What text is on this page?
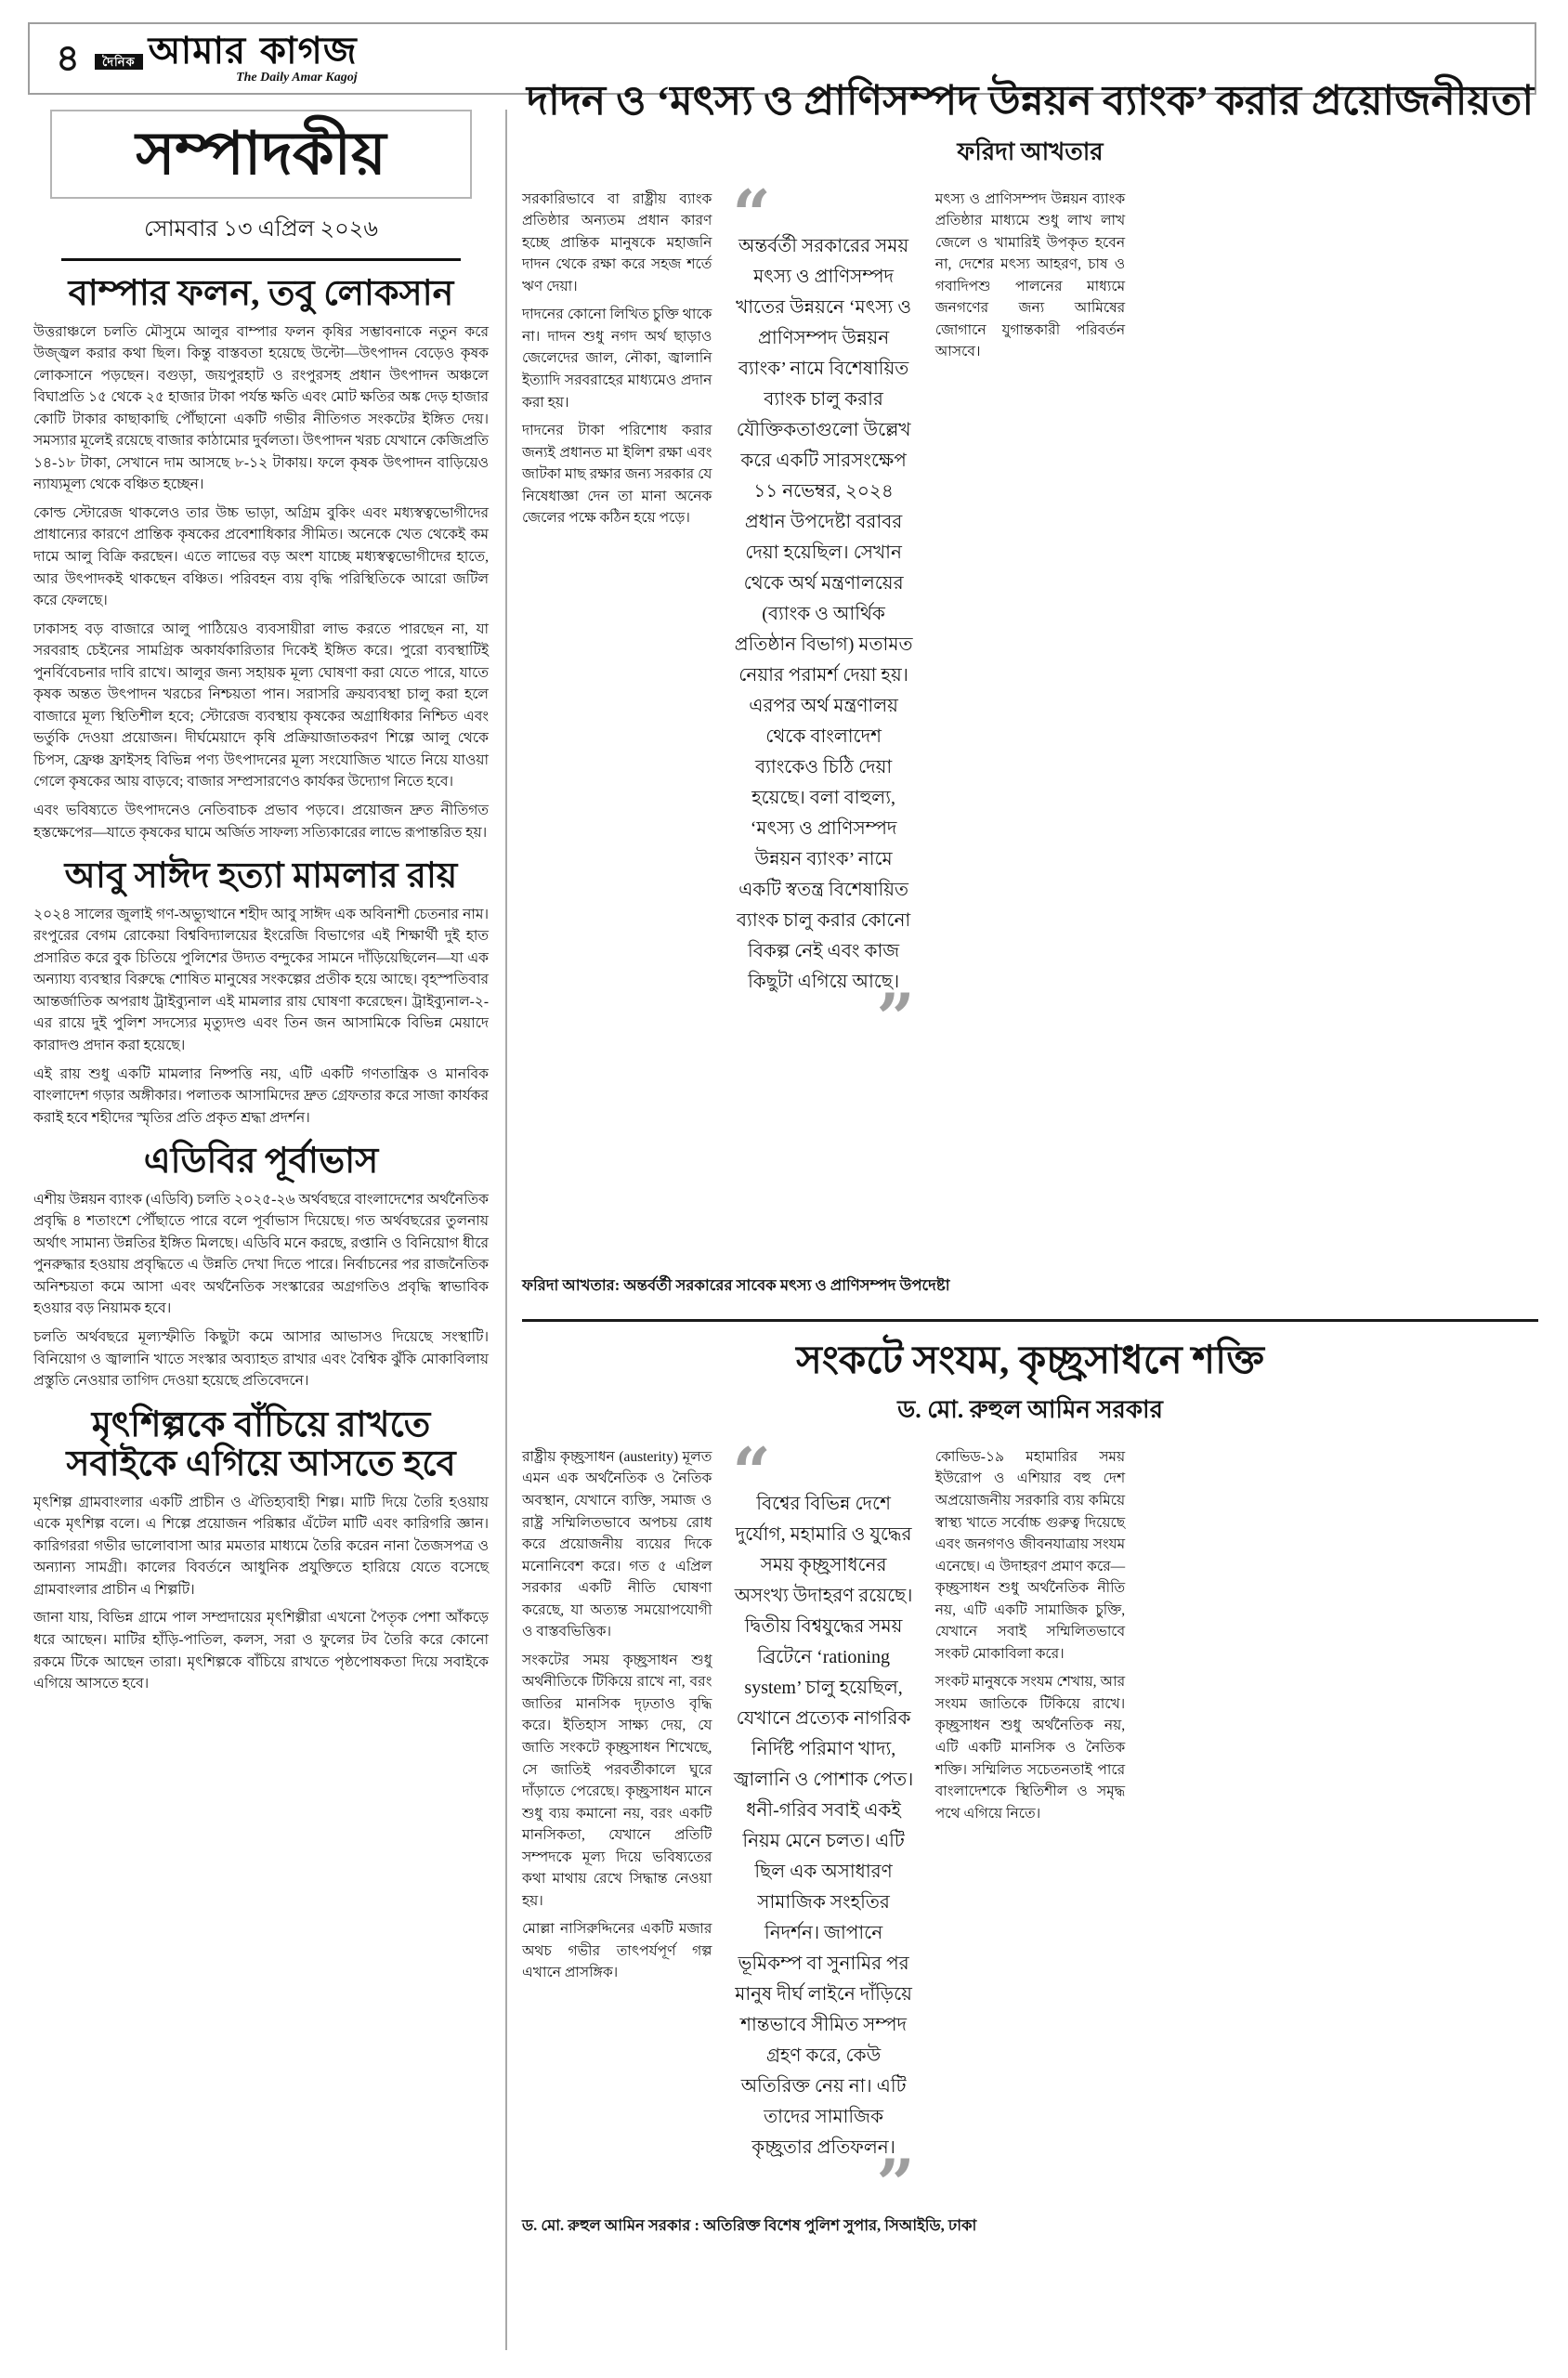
৪	দৈনিক আমার কাগজ
The Daily Amar Kagoj
সম্পাদকীয়
সোমবার ১৩ এপ্রিল ২০২৬
বাম্পার ফলন, তবু লোকসান

উত্তরাঞ্চলে চলতি মৌসুমে আলুর বাম্পার ফলন কৃষির সম্ভাবনাকে নতুন করে উজ্জ্বল করার কথা ছিল। কিন্তু বাস্তবতা হয়েছে উল্টো—উৎপাদন বেড়েও কৃষক লোকসানে পড়ছেন। বগুড়া, জয়পুরহাট ও রংপুরসহ প্রধান উৎপাদন অঞ্চলে বিঘাপ্রতি ১৫ থেকে ২৫ হাজার টাকা পর্যন্ত ক্ষতি এবং মোট ক্ষতির অঙ্ক দেড় হাজার কোটি টাকার কাছাকাছি পৌঁছানো একটি গভীর নীতিগত সংকটের ইঙ্গিত দেয়। সমস্যার মূলেই রয়েছে বাজার কাঠামোর দুর্বলতা। উৎপাদন খরচ যেখানে কেজিপ্রতি ১৪-১৮ টাকা, সেখানে দাম আসছে ৮-১২ টাকায়। ফলে কৃষক উৎপাদন বাড়িয়েও ন্যায্যমূল্য থেকে বঞ্চিত হচ্ছেন।

কোল্ড স্টোরেজ থাকলেও তার উচ্চ ভাড়া, অগ্রিম বুকিং এবং মধ্যস্বত্বভোগীদের প্রাধান্যের কারণে প্রান্তিক কৃষকের প্রবেশাধিকার সীমিত। অনেকে খেত থেকেই কম দামে আলু বিক্রি করছেন। এতে লাভের বড় অংশ যাচ্ছে মধ্যস্বত্বভোগীদের হাতে, আর উৎপাদকই থাকছেন বঞ্চিত। পরিবহন ব্যয় বৃদ্ধি পরিস্থিতিকে আরো জটিল করে ফেলছে।

ঢাকাসহ বড় বাজারে আলু পাঠিয়েও ব্যবসায়ীরা লাভ করতে পারছেন না, যা সরবরাহ চেইনের সামগ্রিক অকার্যকারিতার দিকেই ইঙ্গিত করে। পুরো ব্যবস্থাটিই পুনর্বিবেচনার দাবি রাখে। আলুর জন্য সহায়ক মূল্য ঘোষণা করা যেতে পারে, যাতে কৃষক অন্তত উৎপাদন খরচের নিশ্চয়তা পান। সরাসরি ক্রয়ব্যবস্থা চালু করা হলে বাজারে মূল্য স্থিতিশীল হবে; স্টোরেজ ব্যবস্থায় কৃষকের অগ্রাধিকার নিশ্চিত এবং ভর্তুকি দেওয়া প্রয়োজন। দীর্ঘমেয়াদে কৃষি প্রক্রিয়াজাতকরণ শিল্পে আলু থেকে চিপস, ফ্রেঞ্চ ফ্রাইসহ বিভিন্ন পণ্য উৎপাদনের মূল্য সংযোজিত খাতে নিয়ে যাওয়া গেলে কৃষকের আয় বাড়বে; বাজার সম্প্রসারণেও কার্যকর উদ্যোগ নিতে হবে।

এবং ভবিষ্যতে উৎপাদনেও নেতিবাচক প্রভাব পড়বে। প্রয়োজন দ্রুত নীতিগত হস্তক্ষেপের—যাতে কৃষকের ঘামে অর্জিত সাফল্য সত্যিকারের লাভে রূপান্তরিত হয়।

আবু সাঈদ হত্যা মামলার রায়

২০২৪ সালের জুলাই গণ-অভ্যুত্থানে শহীদ আবু সাঈদ এক অবিনাশী চেতনার নাম। রংপুরের বেগম রোকেয়া বিশ্ববিদ্যালয়ের ইংরেজি বিভাগের এই শিক্ষার্থী দুই হাত প্রসারিত করে বুক চিতিয়ে পুলিশের উদ্যত বন্দুকের সামনে দাঁড়িয়েছিলেন—যা এক অন্যায্য ব্যবস্থার বিরুদ্ধে শোষিত মানুষের সংকল্পের প্রতীক হয়ে আছে। বৃহস্পতিবার আন্তর্জাতিক অপরাধ ট্রাইব্যুনাল এই মামলার রায় ঘোষণা করেছেন। ট্রাইব্যুনাল-২-এর রায়ে দুই পুলিশ সদস্যের মৃত্যুদণ্ড এবং তিন জন আসামিকে বিভিন্ন মেয়াদে কারাদণ্ড প্রদান করা হয়েছে।

এই রায় শুধু একটি মামলার নিষ্পত্তি নয়, এটি একটি গণতান্ত্রিক ও মানবিক বাংলাদেশ গড়ার অঙ্গীকার। পলাতক আসামিদের দ্রুত গ্রেফতার করে সাজা কার্যকর করাই হবে শহীদের স্মৃতির প্রতি প্রকৃত শ্রদ্ধা প্রদর্শন।

এডিবির পূর্বাভাস

এশীয় উন্নয়ন ব্যাংক (এডিবি) চলতি ২০২৫-২৬ অর্থবছরে বাংলাদেশের অর্থনৈতিক প্রবৃদ্ধি ৪ শতাংশে পৌঁছাতে পারে বলে পূর্বাভাস দিয়েছে। গত অর্থবছরের তুলনায় অর্থাৎ সামান্য উন্নতির ইঙ্গিত মিলছে। এডিবি মনে করছে, রপ্তানি ও বিনিয়োগ ধীরে পুনরুদ্ধার হওয়ায় প্রবৃদ্ধিতে এ উন্নতি দেখা দিতে পারে। নির্বাচনের পর রাজনৈতিক অনিশ্চয়তা কমে আসা এবং অর্থনৈতিক সংস্কারের অগ্রগতিও প্রবৃদ্ধি স্বাভাবিক হওয়ার বড় নিয়ামক হবে।

চলতি অর্থবছরে মূল্যস্ফীতি কিছুটা কমে আসার আভাসও দিয়েছে সংস্থাটি। বিনিয়োগ ও জ্বালানি খাতে সংস্কার অব্যাহত রাখার এবং বৈশ্বিক ঝুঁকি মোকাবিলায় প্রস্তুতি নেওয়ার তাগিদ দেওয়া হয়েছে প্রতিবেদনে।

মৃৎশিল্পকে বাঁচিয়ে রাখতে সবাইকে এগিয়ে আসতে হবে

মৃৎশিল্প গ্রামবাংলার একটি প্রাচীন ও ঐতিহ্যবাহী শিল্প। মাটি দিয়ে তৈরি হওয়ায় একে মৃৎশিল্প বলে। এ শিল্পে প্রয়োজন পরিষ্কার এঁটেল মাটি এবং কারিগরি জ্ঞান। কারিগররা গভীর ভালোবাসা আর মমতার মাধ্যমে তৈরি করেন নানা তৈজসপত্র ও অন্যান্য সামগ্রী। কালের বিবর্তনে আধুনিক প্রযুক্তিতে হারিয়ে যেতে বসেছে গ্রামবাংলার প্রাচীন এ শিল্পটি।

জানা যায়, বিভিন্ন গ্রামে পাল সম্প্রদায়ের মৃৎশিল্পীরা এখনো পৈতৃক পেশা আঁকড়ে ধরে আছেন। মাটির হাঁড়ি-পাতিল, কলস, সরা ও ফুলের টব তৈরি করে কোনো রকমে টিকে আছেন তারা। মৃৎশিল্পকে বাঁচিয়ে রাখতে পৃষ্ঠপোষকতা দিয়ে সবাইকে এগিয়ে আসতে হবে।

দাদন ও ‘মৎস্য ও প্রাণিসম্পদ উন্নয়ন ব্যাংক’ করার প্রয়োজনীয়তা
ফরিদা আখতার

সরকারিভাবে বা রাষ্ট্রীয় ব্যাংক প্রতিষ্ঠার অন্যতম প্রধান কারণ হচ্ছে প্রান্তিক মানুষকে মহাজনি দাদন থেকে রক্ষা করে সহজ শর্তে ঋণ দেয়া।

দাদনের কোনো লিখিত চুক্তি থাকে না। দাদন শুধু নগদ অর্থ ছাড়াও জেলেদের জাল, নৌকা, জ্বালানি ইত্যাদি সরবরাহের মাধ্যমেও প্রদান করা হয়।

দাদনের টাকা পরিশোধ করার জন্যই প্রধানত মা ইলিশ রক্ষা এবং জাটকা মাছ রক্ষার জন্য সরকার যে নিষেধাজ্ঞা দেন তা মানা অনেক জেলের পক্ষে কঠিন হয়ে পড়ে।

“
অন্তর্বর্তী সরকারের সময় মৎস্য ও প্রাণিসম্পদ খাতের উন্নয়নে ‘মৎস্য ও প্রাণিসম্পদ উন্নয়ন ব্যাংক’ নামে বিশেষায়িত ব্যাংক চালু করার যৌক্তিকতাগুলো উল্লেখ করে একটি সারসংক্ষেপ ১১ নভেম্বর, ২০২৪ প্রধান উপদেষ্টা বরাবর দেয়া হয়েছিল। সেখান থেকে অর্থ মন্ত্রণালয়ের (ব্যাংক ও আর্থিক প্রতিষ্ঠান বিভাগ) মতামত নেয়ার পরামর্শ দেয়া হয়। এরপর অর্থ মন্ত্রণালয় থেকে বাংলাদেশ ব্যাংকেও চিঠি দেয়া হয়েছে। বলা বাহুল্য, ‘মৎস্য ও প্রাণিসম্পদ উন্নয়ন ব্যাংক’ নামে একটি স্বতন্ত্র বিশেষায়িত ব্যাংক চালু করার কোনো বিকল্প নেই এবং কাজ কিছুটা এগিয়ে আছে।
”

মৎস্য ও প্রাণিসম্পদ উন্নয়ন ব্যাংক প্রতিষ্ঠার মাধ্যমে শুধু লাখ লাখ জেলে ও খামারিই উপকৃত হবেন না, দেশের মৎস্য আহরণ, চাষ ও গবাদিপশু পালনের মাধ্যমে জনগণের জন্য আমিষের জোগানে যুগান্তকারী পরিবর্তন আসবে।

ফরিদা আখতার: অন্তর্বর্তী সরকারের সাবেক মৎস্য ও প্রাণিসম্পদ উপদেষ্টা
সংকটে সংযম, কৃচ্ছ্রসাধনে শক্তি
ড. মো. রুহুল আমিন সরকার

রাষ্ট্রীয় কৃচ্ছ্রসাধন (austerity) মূলত এমন এক অর্থনৈতিক ও নৈতিক অবস্থান, যেখানে ব্যক্তি, সমাজ ও রাষ্ট্র সম্মিলিতভাবে অপচয় রোধ করে প্রয়োজনীয় ব্যয়ের দিকে মনোনিবেশ করে। গত ৫ এপ্রিল সরকার একটি নীতি ঘোষণা করেছে, যা অত্যন্ত সময়োপযোগী ও বাস্তবভিত্তিক।

সংকটের সময় কৃচ্ছ্রসাধন শুধু অর্থনীতিকে টিকিয়ে রাখে না, বরং জাতির মানসিক দৃঢ়তাও বৃদ্ধি করে। ইতিহাস সাক্ষ্য দেয়, যে জাতি সংকটে কৃচ্ছ্রসাধন শিখেছে, সে জাতিই পরবর্তীকালে ঘুরে দাঁড়াতে পেরেছে। কৃচ্ছ্রসাধন মানে শুধু ব্যয় কমানো নয়, বরং একটি মানসিকতা, যেখানে প্রতিটি সম্পদকে মূল্য দিয়ে ভবিষ্যতের কথা মাথায় রেখে সিদ্ধান্ত নেওয়া হয়।

মোল্লা নাসিরুদ্দিনের একটি মজার অথচ গভীর তাৎপর্যপূর্ণ গল্প এখানে প্রাসঙ্গিক।

“
বিশ্বের বিভিন্ন দেশে দুর্যোগ, মহামারি ও যুদ্ধের সময় কৃচ্ছ্রসাধনের অসংখ্য উদাহরণ রয়েছে। দ্বিতীয় বিশ্বযুদ্ধের সময় ব্রিটেনে ‘rationing system’ চালু হয়েছিল, যেখানে প্রত্যেক নাগরিক নির্দিষ্ট পরিমাণ খাদ্য, জ্বালানি ও পোশাক পেত। ধনী-গরিব সবাই একই নিয়ম মেনে চলত। এটি ছিল এক অসাধারণ সামাজিক সংহতির নিদর্শন। জাপানে ভূমিকম্প বা সুনামির পর মানুষ দীর্ঘ লাইনে দাঁড়িয়ে শান্তভাবে সীমিত সম্পদ গ্রহণ করে, কেউ অতিরিক্ত নেয় না। এটি তাদের সামাজিক কৃচ্ছ্রতার প্রতিফলন।
”

কোভিড-১৯ মহামারির সময় ইউরোপ ও এশিয়ার বহু দেশ অপ্রয়োজনীয় সরকারি ব্যয় কমিয়ে স্বাস্থ্য খাতে সর্বোচ্চ গুরুত্ব দিয়েছে এবং জনগণও জীবনযাত্রায় সংযম এনেছে। এ উদাহরণ প্রমাণ করে— কৃচ্ছ্রসাধন শুধু অর্থনৈতিক নীতি নয়, এটি একটি সামাজিক চুক্তি, যেখানে সবাই সম্মিলিতভাবে সংকট মোকাবিলা করে।

সংকট মানুষকে সংযম শেখায়, আর সংযম জাতিকে টিকিয়ে রাখে। কৃচ্ছ্রসাধন শুধু অর্থনৈতিক নয়, এটি একটি মানসিক ও নৈতিক শক্তি। সম্মিলিত সচেতনতাই পারে বাংলাদেশকে স্থিতিশীল ও সমৃদ্ধ পথে এগিয়ে নিতে।

ড. মো. রুহুল আমিন সরকার : অতিরিক্ত বিশেষ পুলিশ সুপার, সিআইডি, ঢাকা
